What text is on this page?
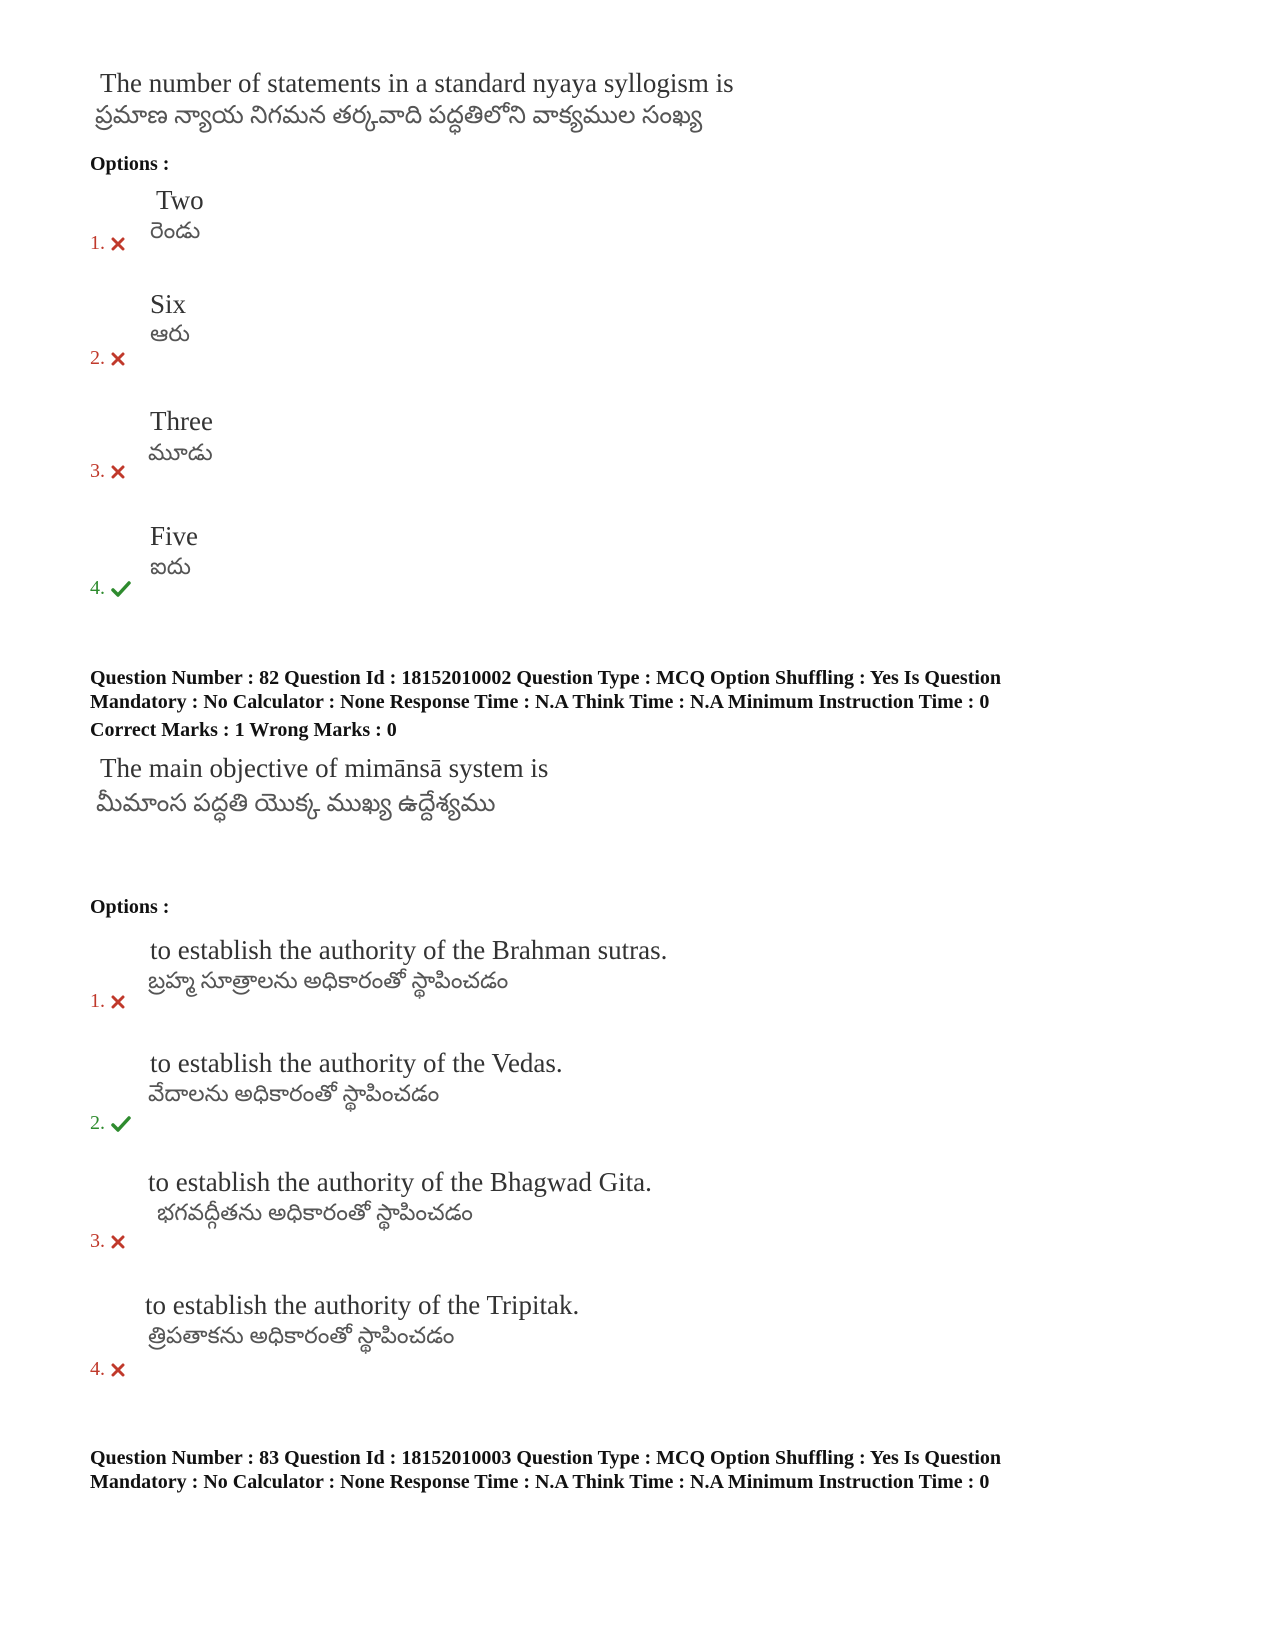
The number of statements in a standard nyaya syllogism is
ప్రమాణ న్యాయ నిగమన తర్కవాది పద్ధతిలోని వాక్యముల సంఖ్య
Options :
Two
రెండు
1.
Six
ఆరు
2.
Three
మూడు
3.
Five
ఐదు
4.
Question Number : 82 Question Id : 18152010002 Question Type : MCQ Option Shuffling : Yes Is Question
Mandatory : No Calculator : None Response Time : N.A Think Time : N.A Minimum Instruction Time : 0
Correct Marks : 1 Wrong Marks : 0
The main objective of mimānsā system is
మీమాంస పద్ధతి యొక్క ముఖ్య ఉద్దేశ్యము
Options :
to establish the authority of the Brahman sutras.
బ్రహ్మ సూత్రాలను అధికారంతో స్థాపించడం
1.
to establish the authority of the Vedas.
వేదాలను అధికారంతో స్థాపించడం
2.
to establish the authority of the Bhagwad Gita.
భగవద్గీతను అధికారంతో స్థాపించడం
3.
to establish the authority of the Tripitak.
త్రిపతాకను అధికారంతో స్థాపించడం
4.
Question Number : 83 Question Id : 18152010003 Question Type : MCQ Option Shuffling : Yes Is Question
Mandatory : No Calculator : None Response Time : N.A Think Time : N.A Minimum Instruction Time : 0
